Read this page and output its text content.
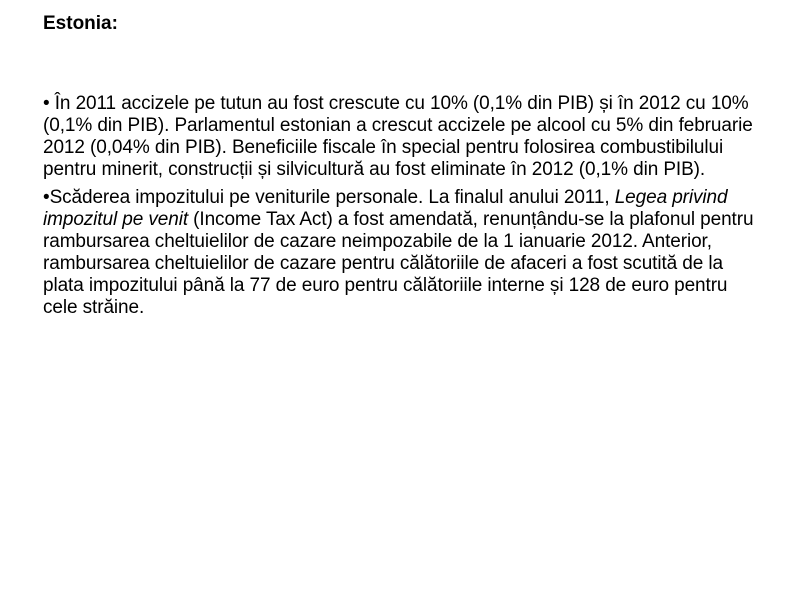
Estonia:

• În 2011 accizele pe tutun au fost crescute cu 10% (0,1% din PIB) și în 2012 cu 10% (0,1% din PIB). Parlamentul estonian a crescut accizele pe alcool cu 5% din februarie 2012 (0,04% din PIB). Beneficiile fiscale în special pentru folosirea combustibilului pentru minerit, construcții și silvicultură au fost eliminate în 2012 (0,1% din PIB).

•Scăderea impozitului pe veniturile personale. La finalul anului 2011, Legea privind impozitul pe venit (Income Tax Act) a fost amendată, renunțându-se la plafonul pentru rambursarea cheltuielilor de cazare neimpozabile de la 1 ianuarie 2012. Anterior, rambursarea cheltuielilor de cazare pentru călătoriile de afaceri a fost scutită de la plata impozitului până la 77 de euro pentru călătoriile interne și 128 de euro pentru cele străine.
